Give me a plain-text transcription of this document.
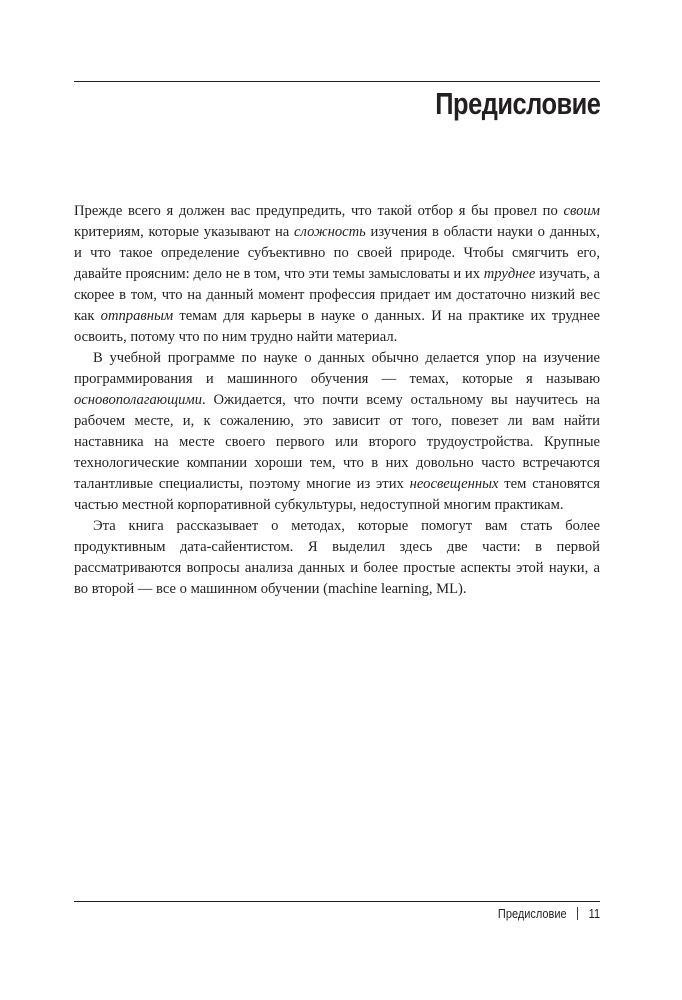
Предисловие

Прежде всего я должен вас предупредить, что такой отбор я бы провел по своим критериям, которые указывают на сложность изучения в области науки о данных, и что такое определение субъективно по своей природе. Чтобы смягчить его, давайте проясним: дело не в том, что эти темы замысловаты и их труднее изучать, а скорее в том, что на данный момент профессия придает им достаточно низкий вес как отправным темам для карьеры в науке о данных. И на практике их труднее освоить, потому что по ним трудно найти материал.

В учебной программе по науке о данных обычно делается упор на изучение программирования и машинного обучения — темах, которые я называю основополагающими. Ожидается, что почти всему остальному вы научитесь на рабочем месте, и, к сожалению, это зависит от того, повезет ли вам найти наставника на месте своего первого или второго трудоустройства. Крупные технологические компании хороши тем, что в них довольно часто встречаются талантливые специалисты, поэтому многие из этих неосвещенных тем становятся частью местной корпоративной субкультуры, недоступной многим практикам.

Эта книга рассказывает о методах, которые помогут вам стать более продуктивным дата-сайентистом. Я выделил здесь две части: в первой рассматриваются вопросы анализа данных и более простые аспекты этой науки, а во второй — все о машинном обучении (machine learning, ML).

Предисловие 11
